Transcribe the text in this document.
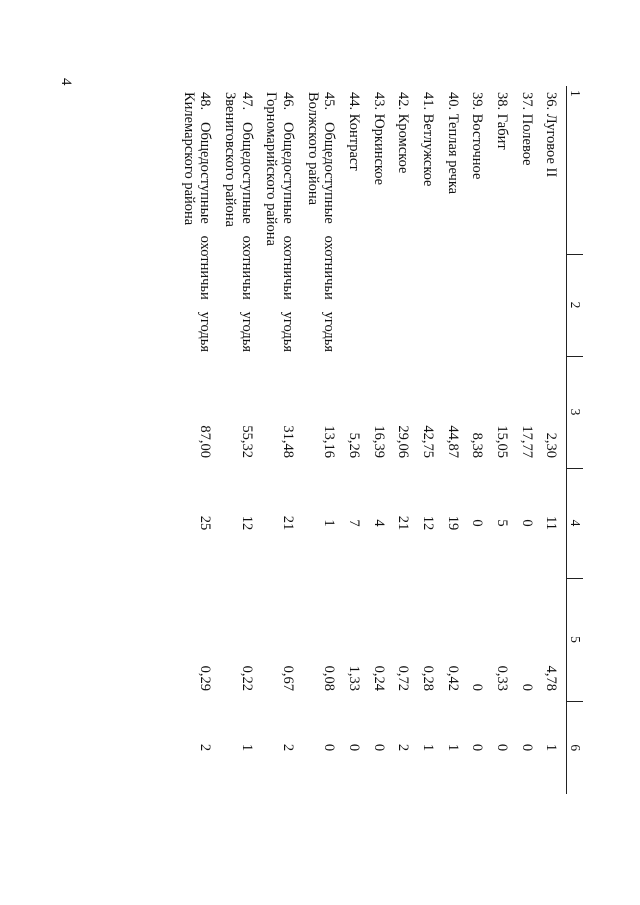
4
1	2	3	4	5	6
36. Луговое II		2,30	11	4,78	1
37. Полевое		17,77	0	0	0
38. Габит		15,05	5	0,33	0
39. Восточное		8,38	0	0	0
40. Теплая речка		44,87	19	0,42	1
41. Ветлужское		42,75	12	0,28	1
42. Кромское		29,06	21	0,72	2
43. Юркинское		16,39	4	0,24	0
44. Контраст		5,26	7	1,33	0
45. Общедоступные охотничьи угодья Волжского района		13,16	1	0,08	0
46. Общедоступные охотничьи угодья Горномарийского района		31,48	21	0,67	2
47. Общедоступные охотничьи угодья Звениговского района		55,32	12	0,22	1
48. Общедоступные охотничьи угодья Килемарского района		87,00	25	0,29	2
